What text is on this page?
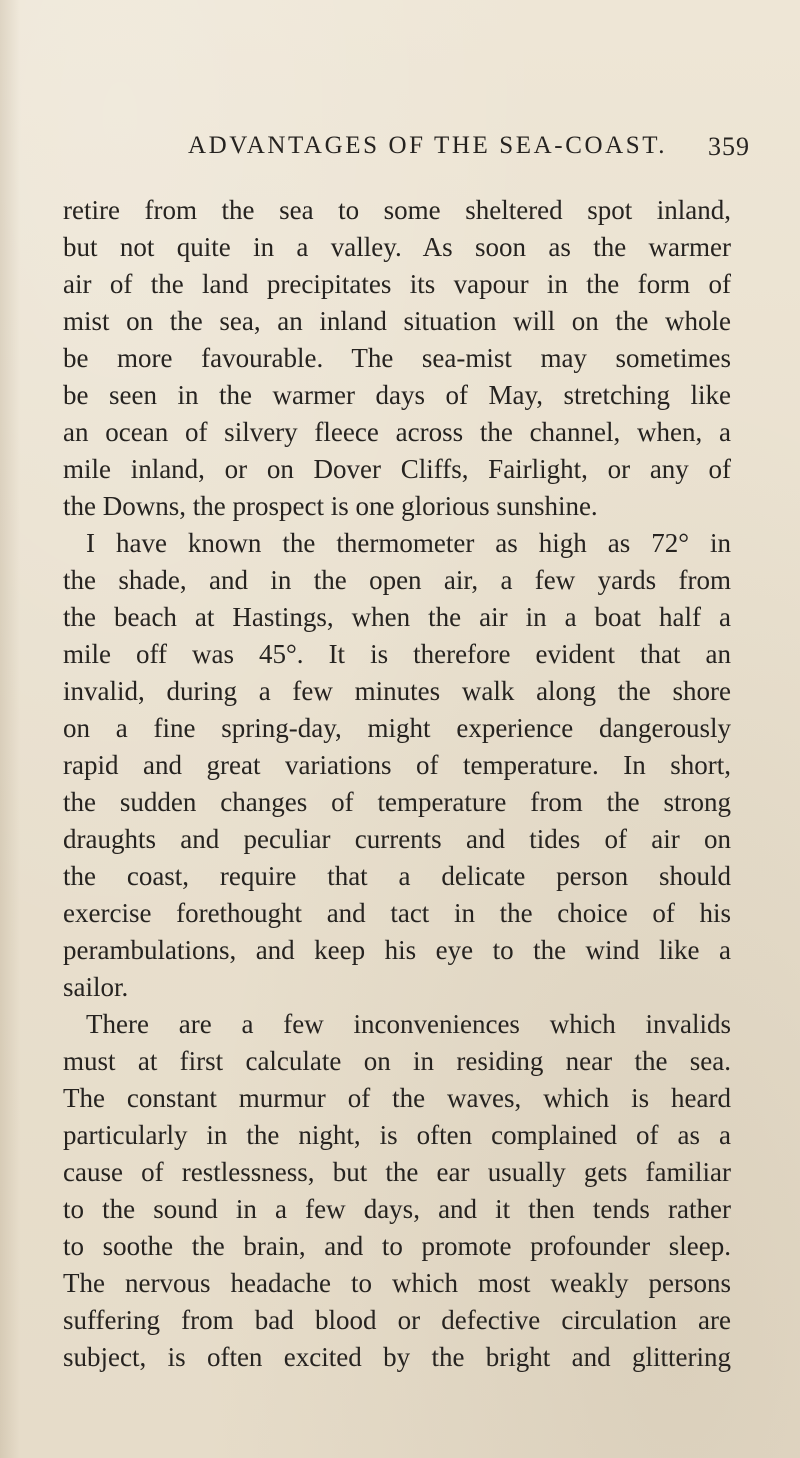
ADVANTAGES OF THE SEA-COAST. 359
retire from the sea to some sheltered spot inland,
but not quite in a valley. As soon as the warmer
air of the land precipitates its vapour in the form of
mist on the sea, an inland situation will on the whole
be more favourable. The sea-mist may sometimes
be seen in the warmer days of May, stretching like
an ocean of silvery fleece across the channel, when, a
mile inland, or on Dover Cliffs, Fairlight, or any of
the Downs, the prospect is one glorious sunshine.
I have known the thermometer as high as 72° in
the shade, and in the open air, a few yards from
the beach at Hastings, when the air in a boat half a
mile off was 45°. It is therefore evident that an
invalid, during a few minutes walk along the shore
on a fine spring-day, might experience dangerously
rapid and great variations of temperature. In short,
the sudden changes of temperature from the strong
draughts and peculiar currents and tides of air on
the coast, require that a delicate person should
exercise forethought and tact in the choice of his
perambulations, and keep his eye to the wind like a
sailor.
There are a few inconveniences which invalids
must at first calculate on in residing near the sea.
The constant murmur of the waves, which is heard
particularly in the night, is often complained of as a
cause of restlessness, but the ear usually gets familiar
to the sound in a few days, and it then tends rather
to soothe the brain, and to promote profounder sleep.
The nervous headache to which most weakly persons
suffering from bad blood or defective circulation are
subject, is often excited by the bright and glittering
